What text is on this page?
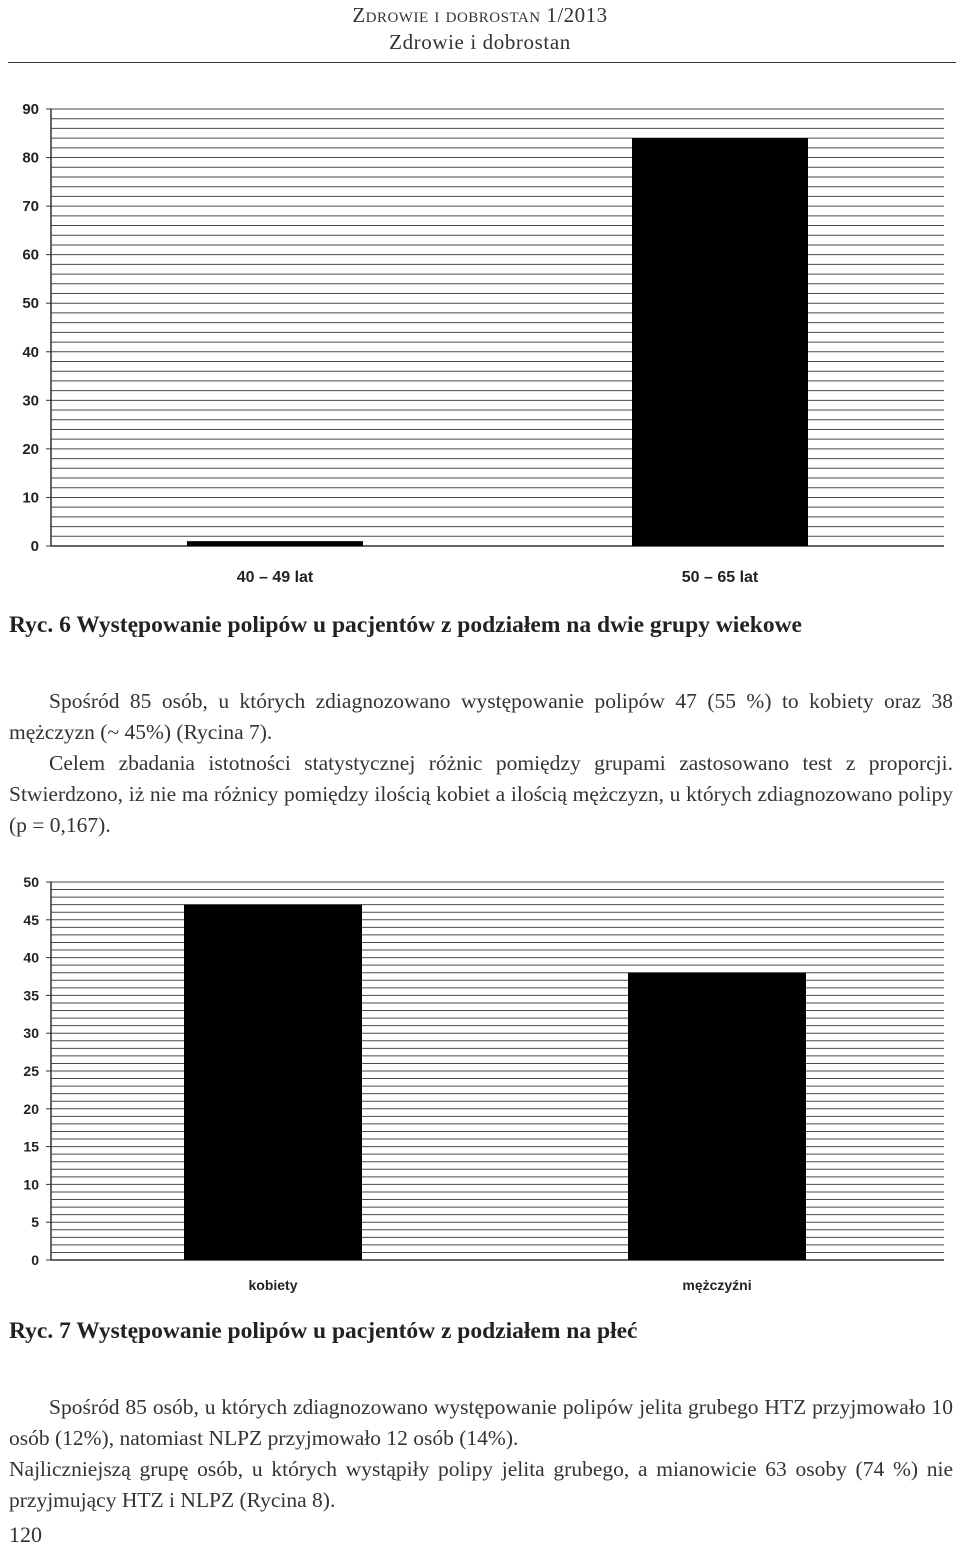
Zdrowie i dobrostan 1/2013
Zdrowie i dobrostan
0
10
20
30
40
50
60
70
80
90
40 – 49 lat	50 – 65 lat
Ryc. 6 Występowanie polipów u pacjentów z podziałem na dwie grupy wiekowe

Spośród 85 osób, u których zdiagnozowano występowanie polipów 47 (55 %) to kobiety oraz 38 mężczyzn (~ 45%) (Rycina 7).

Celem zbadania istotności statystycznej różnic pomiędzy grupami zastosowano test z proporcji. Stwierdzono, iż nie ma różnicy pomiędzy ilością kobiet a ilością mężczyzn, u których zdiagnozowano polipy (p = 0,167).

0
5
10
15
20
25
30
35
40
45
50
kobiety	mężczyźni
Ryc. 7 Występowanie polipów u pacjentów z podziałem na płeć

Spośród 85 osób, u których zdiagnozowano występowanie polipów jelita grubego HTZ przyjmowało 10 osób (12%), natomiast NLPZ przyjmowało 12 osób (14%).

Najliczniejszą grupę osób, u których wystąpiły polipy jelita grubego, a mianowicie 63 osoby (74 %) nie przyjmujący HTZ i NLPZ (Rycina 8).

120
